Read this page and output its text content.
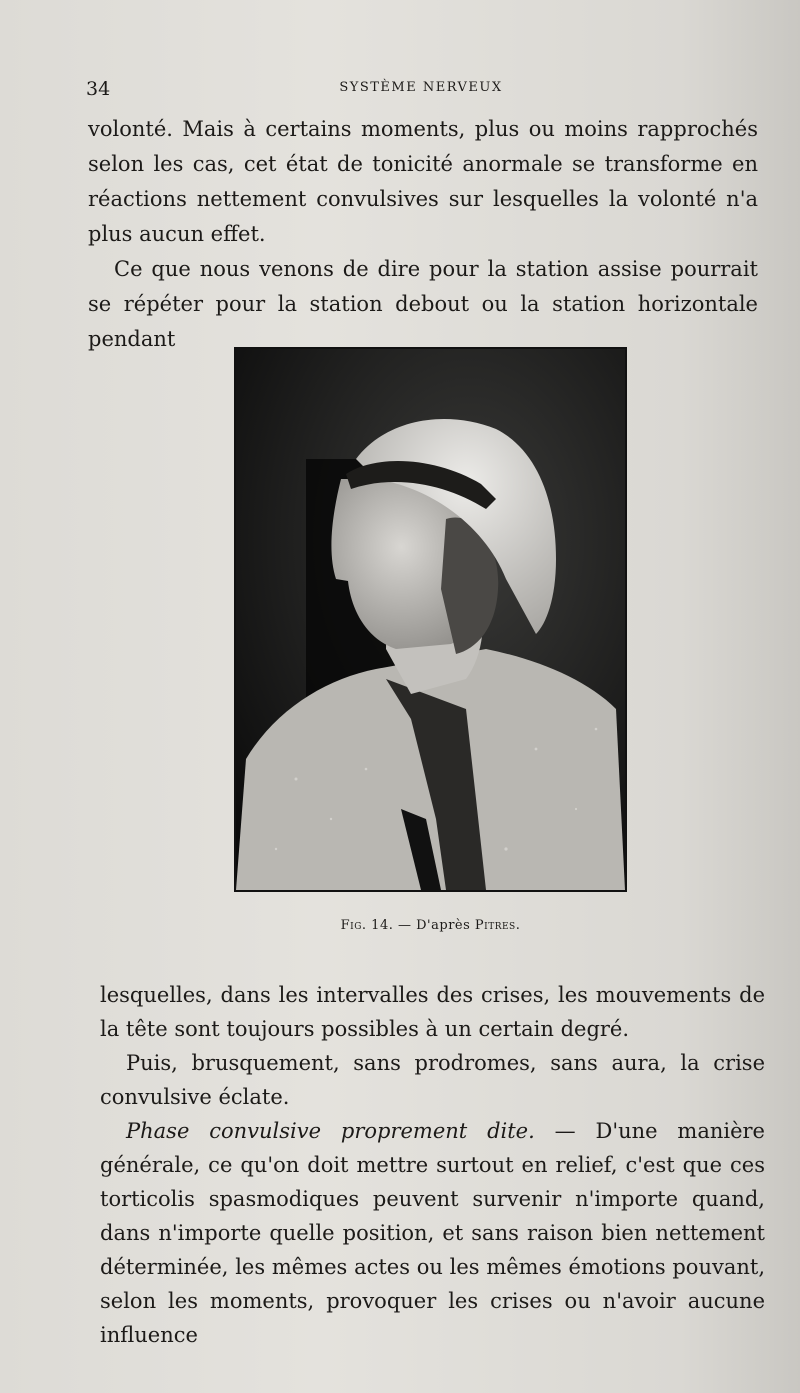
34	SYSTÈME NERVEUX

volonté. Mais à certains moments, plus ou moins rapprochés selon les cas, cet état de tonicité anormale se transforme en réactions nettement convulsives sur lesquelles la volonté n'a plus aucun effet.

Ce que nous venons de dire pour la station assise pourrait se répéter pour la station debout ou la station horizontale pendant

Fig. 14. — D'après Pitres.

lesquelles, dans les intervalles des crises, les mouvements de la tête sont toujours possibles à un certain degré.

Puis, brusquement, sans prodromes, sans aura, la crise convulsive éclate.

Phase convulsive proprement dite. — D'une manière générale, ce qu'on doit mettre surtout en relief, c'est que ces torticolis spasmodiques peuvent survenir n'importe quand, dans n'importe quelle position, et sans raison bien nettement déterminée, les mêmes actes ou les mêmes émotions pouvant, selon les moments, provoquer les crises ou n'avoir aucune influence
